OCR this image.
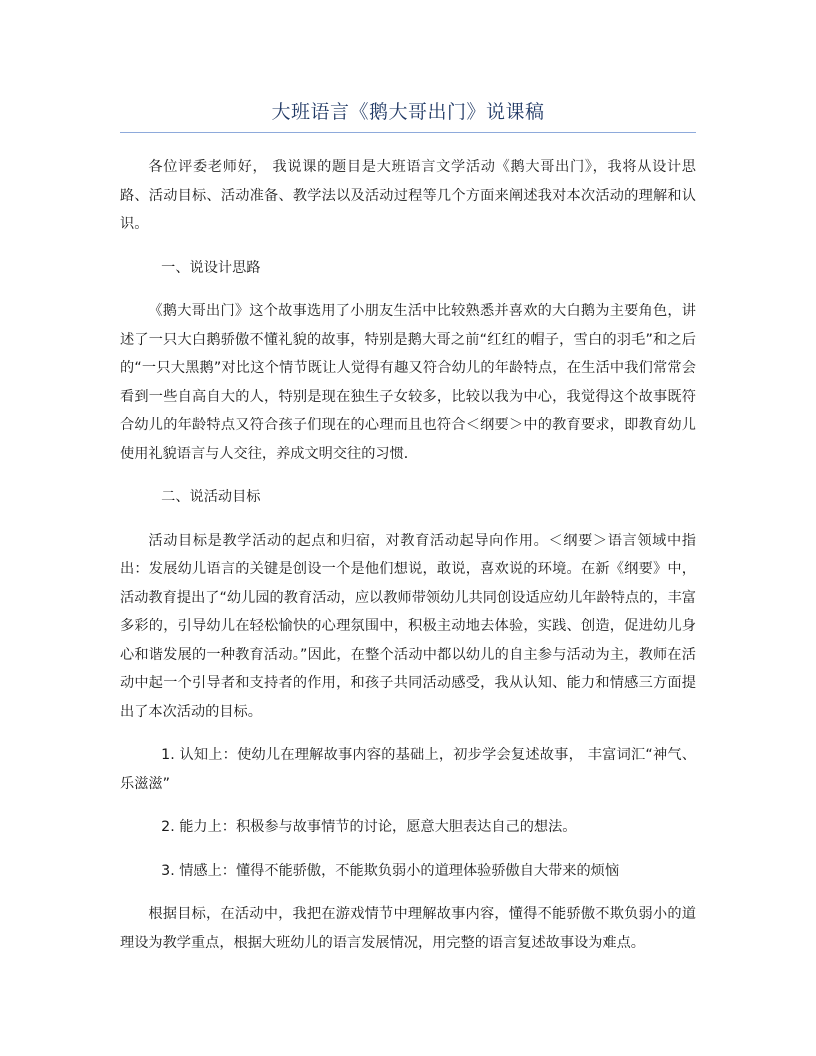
大班语言《鹅大哥出门》说课稿

各位评委老师好， 我说课的题目是大班语言文学活动《鹅大哥出门》，我将从设计思路、活动目标、活动准备、教学法以及活动过程等几个方面来阐述我对本次活动的理解和认识。

一、说设计思路

《鹅大哥出门》这个故事选用了小朋友生活中比较熟悉并喜欢的大白鹅为主要角色，讲述了一只大白鹅骄傲不懂礼貌的故事，特别是鹅大哥之前“红红的帽子，雪白的羽毛”和之后的“一只大黑鹅”对比这个情节既让人觉得有趣又符合幼儿的年龄特点，在生活中我们常常会看到一些自高自大的人，特别是现在独生子女较多，比较以我为中心，我觉得这个故事既符合幼儿的年龄特点又符合孩子们现在的心理而且也符合＜纲要＞中的教育要求，即教育幼儿使用礼貌语言与人交往，养成文明交往的习惯．

二、说活动目标

活动目标是教学活动的起点和归宿，对教育活动起导向作用。＜纲要＞语言领域中指出：发展幼儿语言的关键是创设一个是他们想说，敢说，喜欢说的环境。在新《纲要》中，活动教育提出了“幼儿园的教育活动，应以教师带领幼儿共同创设适应幼儿年龄特点的，丰富多彩的，引导幼儿在轻松愉快的心理氛围中，积极主动地去体验，实践、创造，促进幼儿身心和谐发展的一种教育活动。”因此，在整个活动中都以幼儿的自主参与活动为主，教师在活动中起一个引导者和支持者的作用，和孩子共同活动感受，我从认知、能力和情感三方面提出了本次活动的目标。

1. 认知上：使幼儿在理解故事内容的基础上，初步学会复述故事， 丰富词汇“神气、乐滋滋”

2. 能力上：积极参与故事情节的讨论，愿意大胆表达自己的想法。

3. 情感上：懂得不能骄傲，不能欺负弱小的道理体验骄傲自大带来的烦恼

根据目标，在活动中，我把在游戏情节中理解故事内容，懂得不能骄傲不欺负弱小的道理设为教学重点，根据大班幼儿的语言发展情况，用完整的语言复述故事设为难点。
